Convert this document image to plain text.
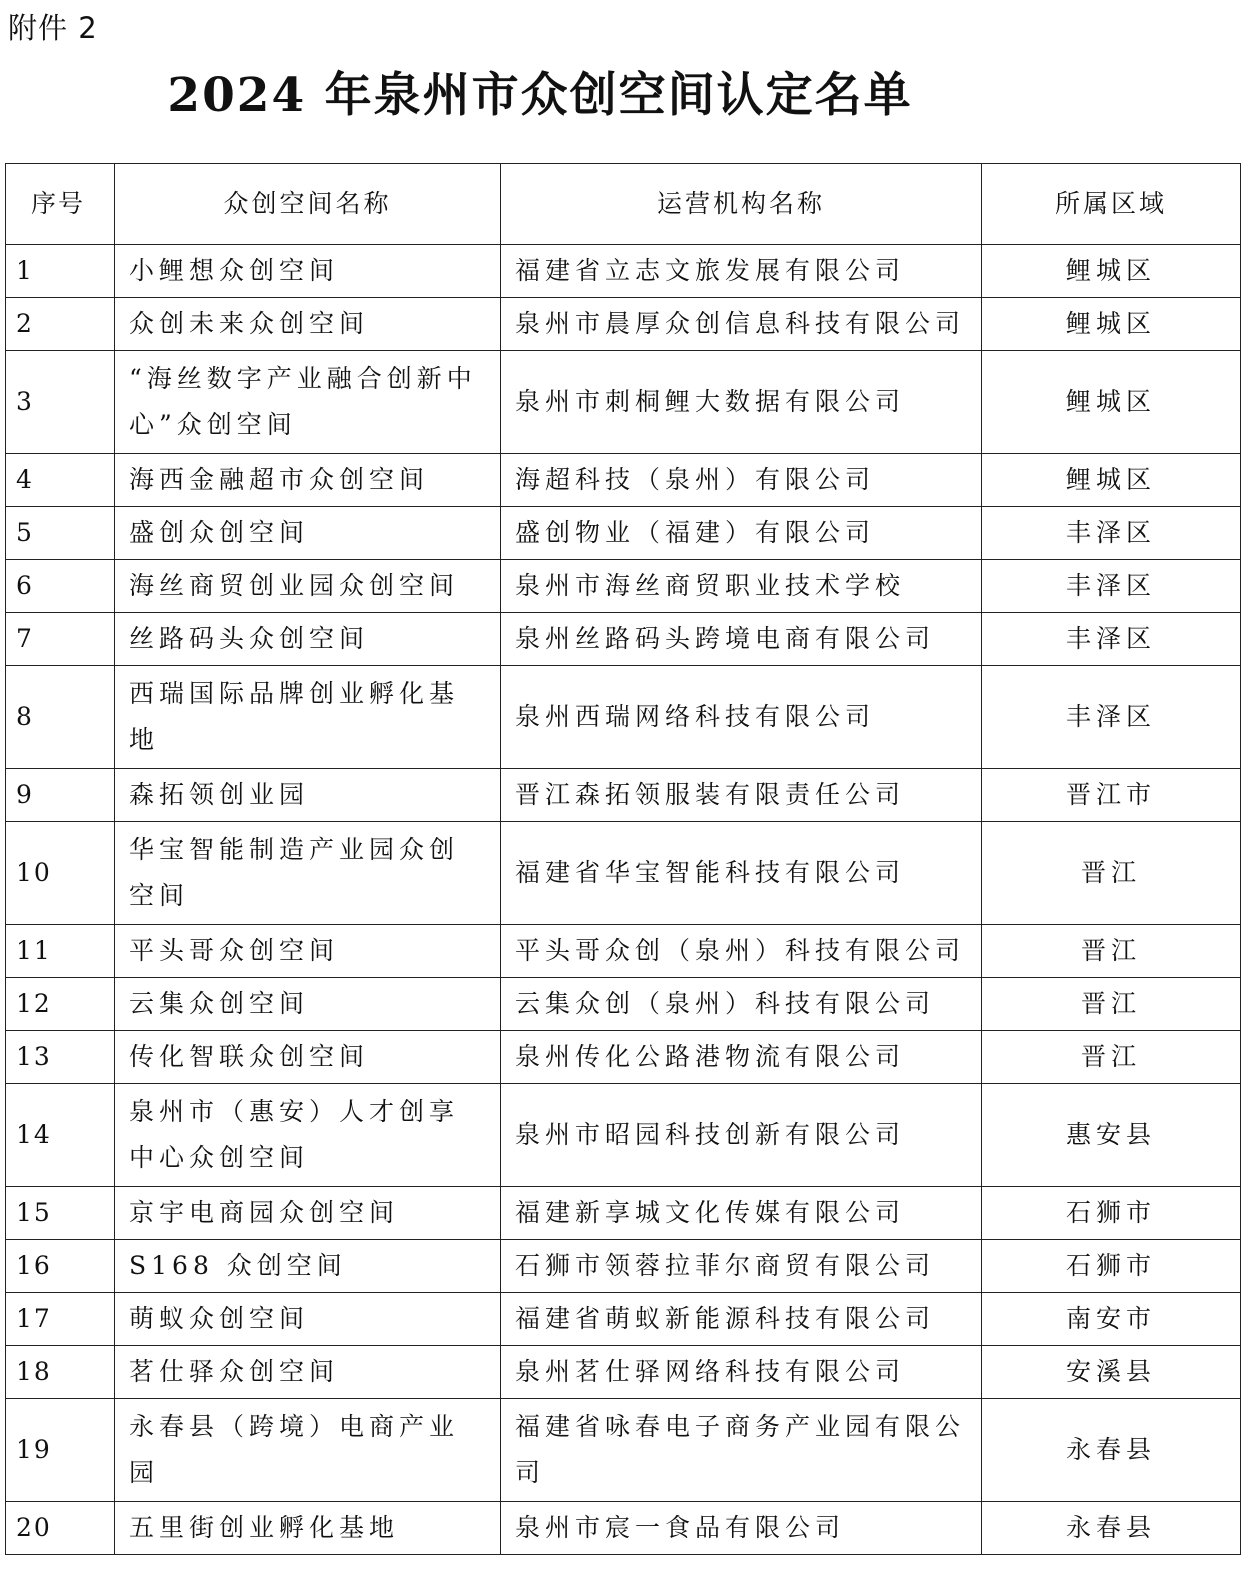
附件 2
2024 年泉州市众创空间认定名单
序号	众创空间名称	运营机构名称	所属区域
1	小鲤想众创空间	福建省立志文旅发展有限公司	鲤城区
2	众创未来众创空间	泉州市晨厚众创信息科技有限公司	鲤城区
3	“海丝数字产业融合创新中心”众创空间	泉州市刺桐鲤大数据有限公司	鲤城区
4	海西金融超市众创空间	海超科技（泉州）有限公司	鲤城区
5	盛创众创空间	盛创物业（福建）有限公司	丰泽区
6	海丝商贸创业园众创空间	泉州市海丝商贸职业技术学校	丰泽区
7	丝路码头众创空间	泉州丝路码头跨境电商有限公司	丰泽区
8	西瑞国际品牌创业孵化基地	泉州西瑞网络科技有限公司	丰泽区
9	森拓领创业园	晋江森拓领服装有限责任公司	晋江市
10	华宝智能制造产业园众创空间	福建省华宝智能科技有限公司	晋江
11	平头哥众创空间	平头哥众创（泉州）科技有限公司	晋江
12	云集众创空间	云集众创（泉州）科技有限公司	晋江
13	传化智联众创空间	泉州传化公路港物流有限公司	晋江
14	泉州市（惠安）人才创享中心众创空间	泉州市昭园科技创新有限公司	惠安县
15	京宇电商园众创空间	福建新享城文化传媒有限公司	石狮市
16	S168 众创空间	石狮市领蓉拉菲尔商贸有限公司	石狮市
17	萌蚁众创空间	福建省萌蚁新能源科技有限公司	南安市
18	茗仕驿众创空间	泉州茗仕驿网络科技有限公司	安溪县
19	永春县（跨境）电商产业园	福建省咏春电子商务产业园有限公司	永春县
20	五里街创业孵化基地	泉州市宸一食品有限公司	永春县
